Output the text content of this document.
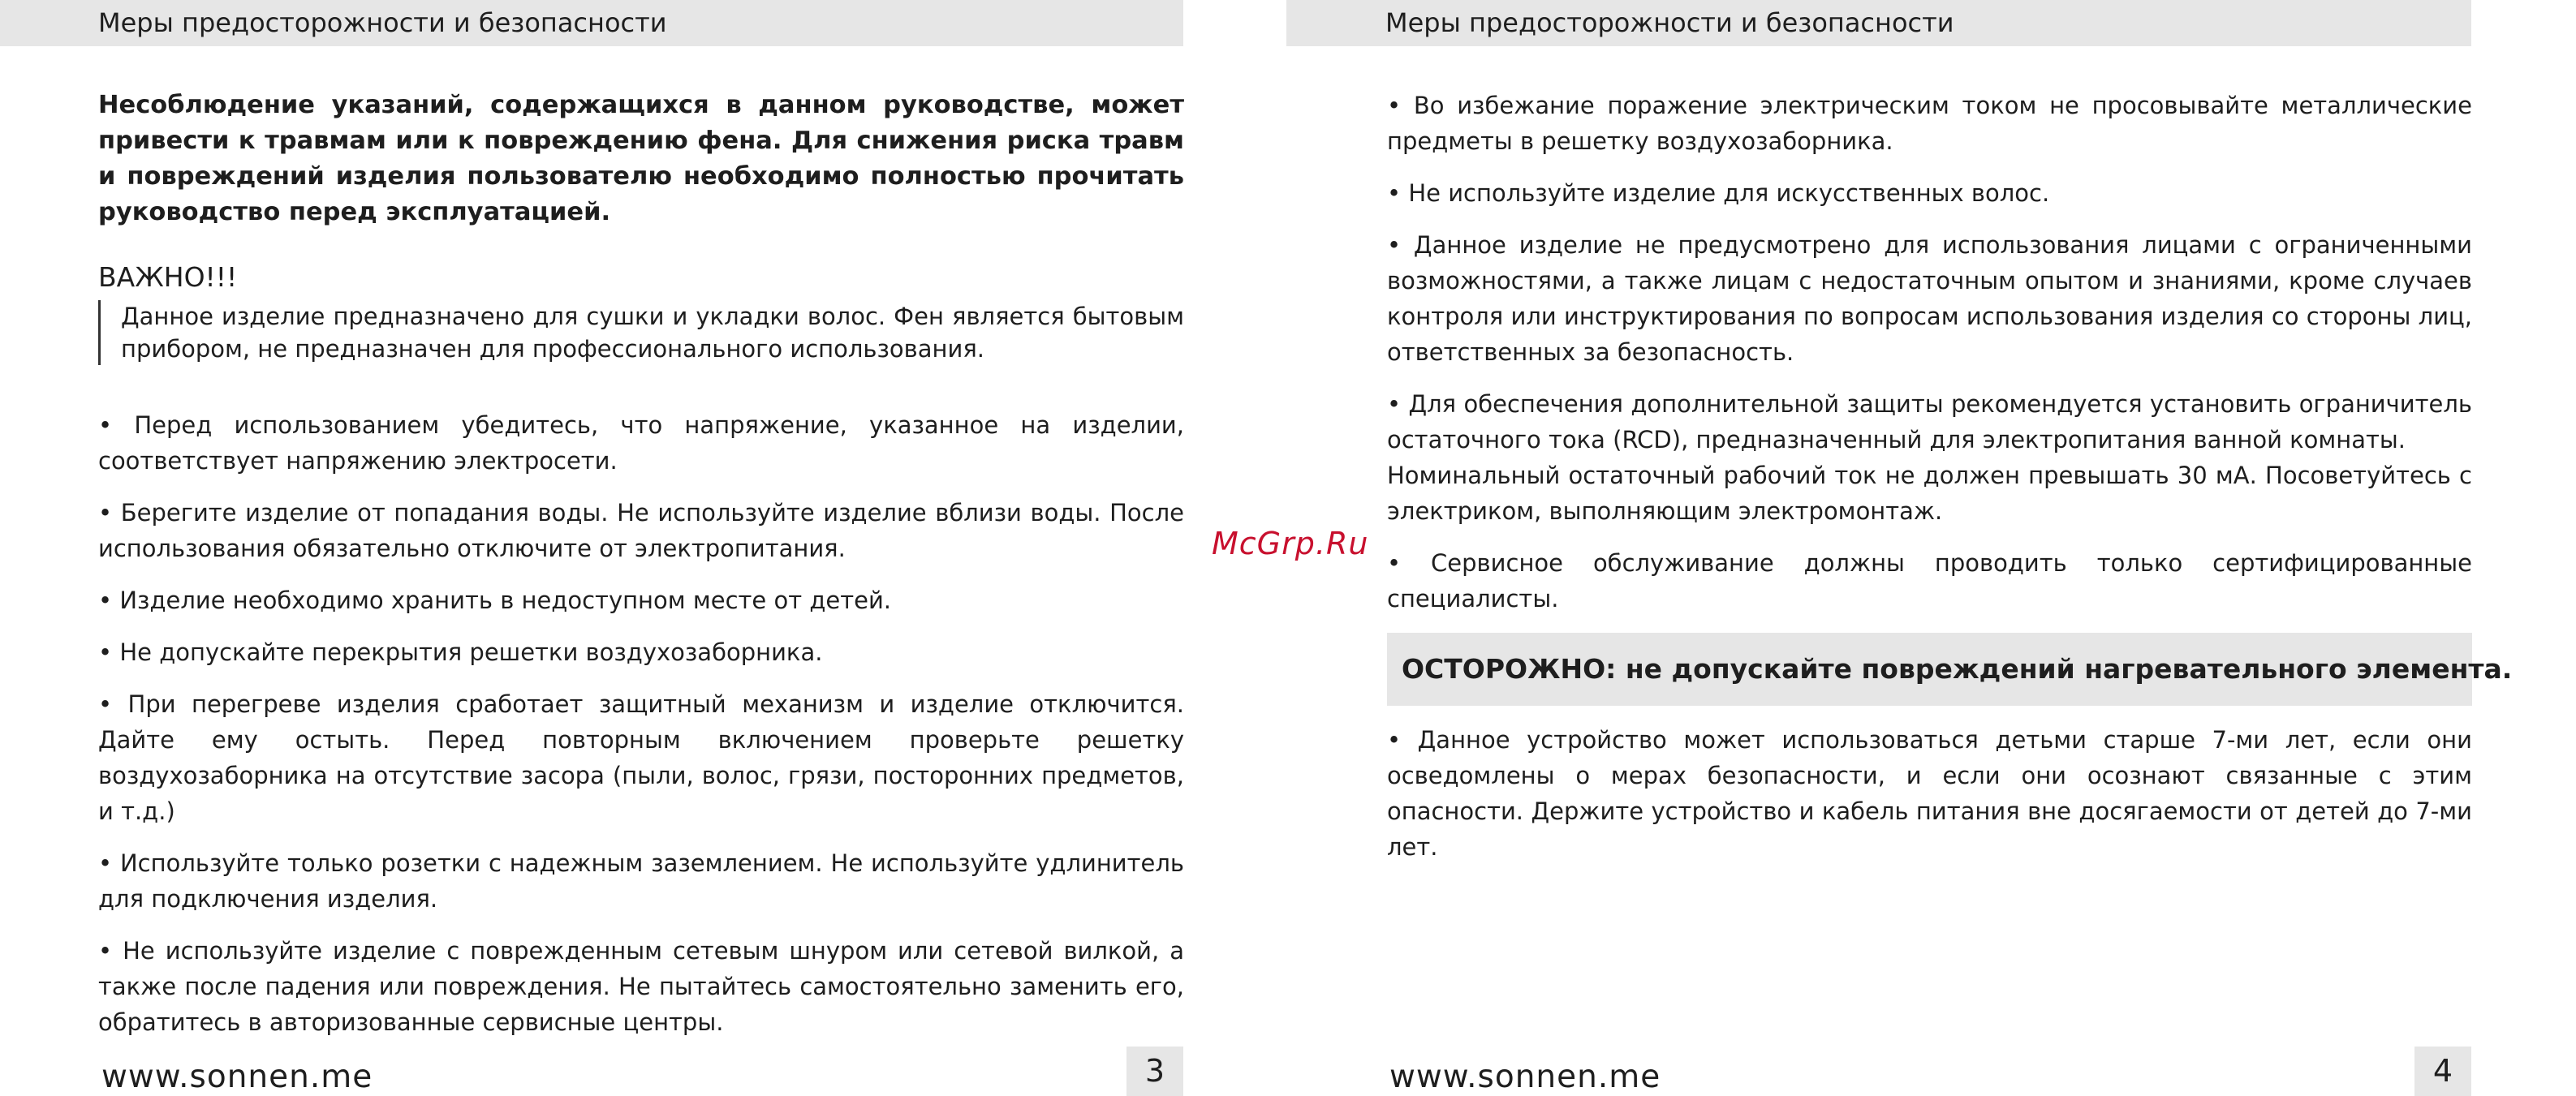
Меры предосторожности и безопасности

Несоблюдение указаний, содержащихся в данном руководстве, может привести к травмам или к повреждению фена. Для снижения риска травм и повреждений изделия пользователю необходимо полностью прочитать руководство перед эксплуатацией.

ВАЖНО!!!

Данное изделие предназначено для сушки и укладки волос. Фен является бытовым прибором, не предназначен для профессионального использования.

• Перед использованием убедитесь, что напряжение, указанное на изделии, соответствует напряжению электросети.

• Берегите изделие от попадания воды. Не используйте изделие вблизи воды. После использования обязательно отключите от электропитания.

• Изделие необходимо хранить в недоступном месте от детей.

• Не допускайте перекрытия решетки воздухозаборника.

• При перегреве изделия сработает защитный механизм и изделие отключится. Дайте ему остыть. Перед повторным включением проверьте решетку воздухозаборника на отсутствие засора (пыли, волос, грязи, посторонних предметов, и т.д.)

• Используйте только розетки с надежным заземлением. Не используйте удлинитель для подключения изделия.

• Не используйте изделие с поврежденным сетевым шнуром или сетевой вилкой, а также после падения или повреждения. Не пытайтесь самостоятельно заменить его, обратитесь в авторизованные сервисные центры.

www.sonnen.me	3
McGrp.Ru
Меры предосторожности и безопасности

• Во избежание поражение электрическим током не просовывайте металлические предметы в решетку воздухозаборника.

• Не используйте изделие для искусственных волос.

• Данное изделие не предусмотрено для использования лицами с ограниченными возможностями, а также лицам с недостаточным опытом и знаниями, кроме случаев контроля или инструктирования по вопросам использования изделия со стороны лиц, ответственных за безопасность.

• Для обеспечения дополнительной защиты рекомендуется установить ограничитель остаточного тока (RCD), предназначенный для электропитания ванной комнаты.

Номинальный остаточный рабочий ток не должен превышать 30 мА. Посоветуйтесь с электриком, выполняющим электромонтаж.

• Сервисное обслуживание должны проводить только сертифицированные специалисты.

ОСТОРОЖНО: не допускайте повреждений нагревательного элемента.

• Данное устройство может использоваться детьми старше 7-ми лет, если они осведомлены о мерах безопасности, и если они осознают связанные с этим опасности. Держите устройство и кабель питания вне досягаемости от детей до 7-ми лет.

www.sonnen.me	4
